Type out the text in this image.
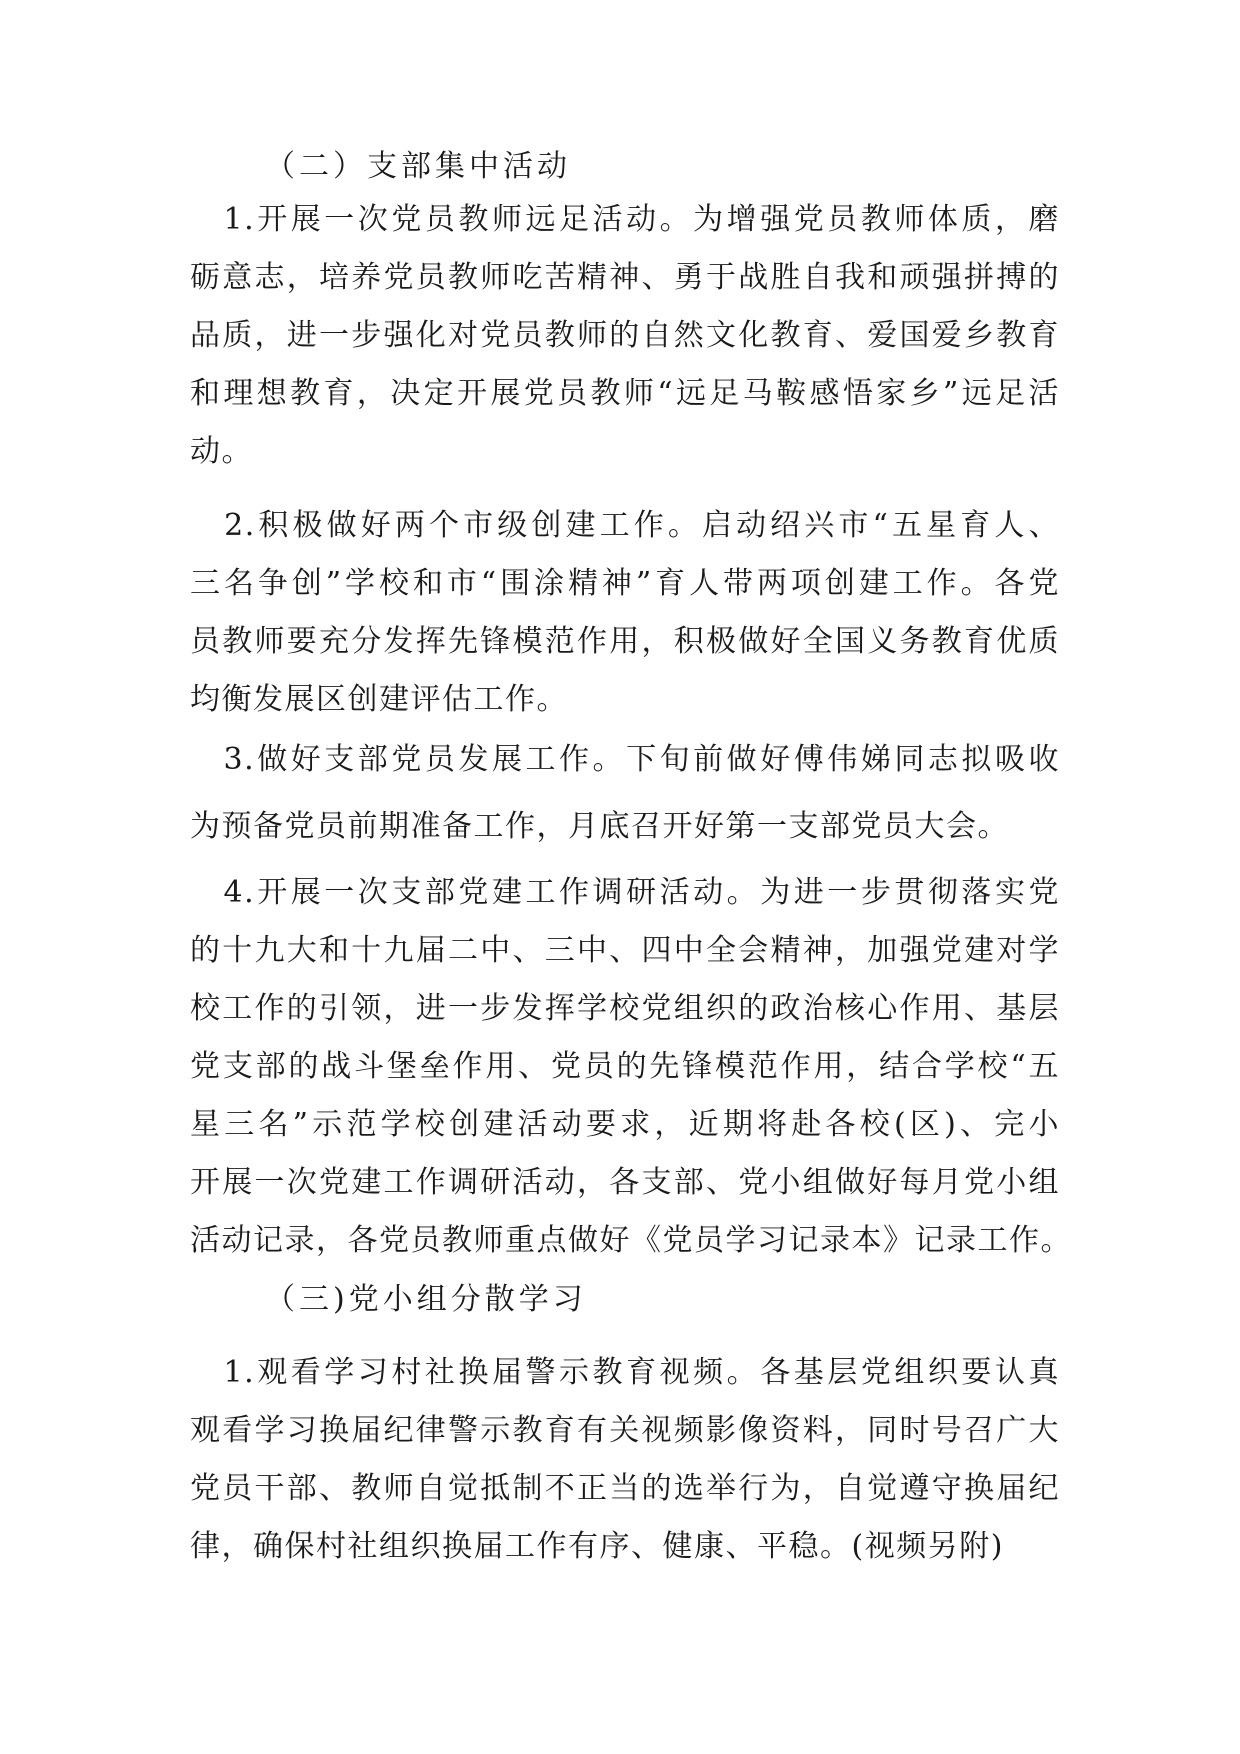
（二）支部集中活动
　1.开展一次党员教师远足活动。为增强党员教师体质，磨
砺意志，培养党员教师吃苦精神、勇于战胜自我和顽强拼搏的
品质，进一步强化对党员教师的自然文化教育、爱国爱乡教育
和理想教育，决定开展党员教师“远足马鞍感悟家乡”远足活
动。
　2.积极做好两个市级创建工作。启动绍兴市“五星育人、
三名争创”学校和市“围涂精神”育人带两项创建工作。各党
员教师要充分发挥先锋模范作用，积极做好全国义务教育优质
均衡发展区创建评估工作。
　3.做好支部党员发展工作。下旬前做好傅伟娣同志拟吸收
为预备党员前期准备工作，月底召开好第一支部党员大会。
　4.开展一次支部党建工作调研活动。为进一步贯彻落实党
的十九大和十九届二中、三中、四中全会精神，加强党建对学
校工作的引领，进一步发挥学校党组织的政治核心作用、基层
党支部的战斗堡垒作用、党员的先锋模范作用，结合学校“五
星三名”示范学校创建活动要求，近期将赴各校(区)、完小
开展一次党建工作调研活动，各支部、党小组做好每月党小组
活动记录，各党员教师重点做好《党员学习记录本》记录工作。
（三)党小组分散学习
　1.观看学习村社换届警示教育视频。各基层党组织要认真
观看学习换届纪律警示教育有关视频影像资料，同时号召广大
党员干部、教师自觉抵制不正当的选举行为，自觉遵守换届纪
律，确保村社组织换届工作有序、健康、平稳。(视频另附)
